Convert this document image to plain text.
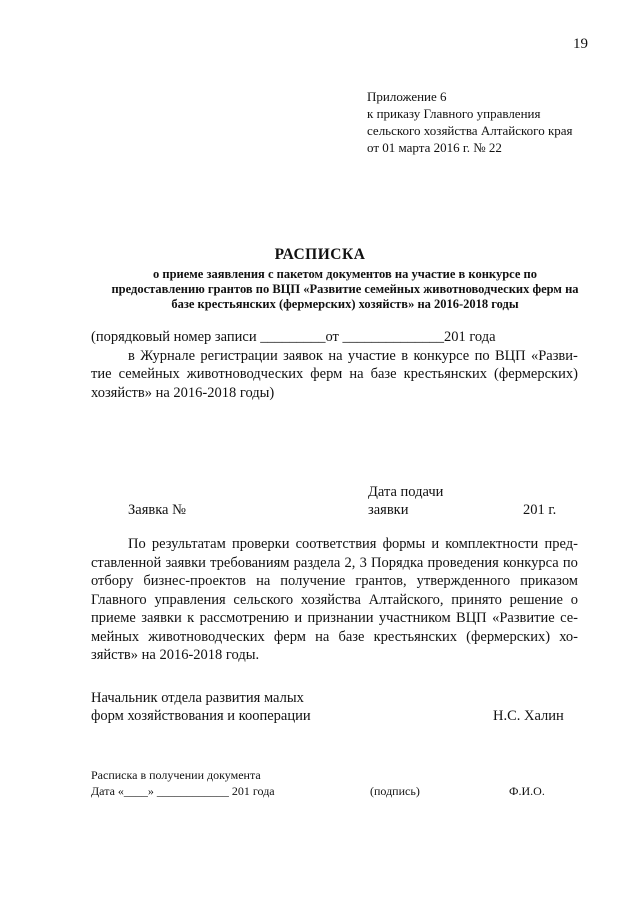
19
Приложение 6
к приказу Главного управления
сельского хозяйства Алтайского края
от 01 марта 2016 г. № 22
РАСПИСКА
о приеме заявления с пакетом документов на участие в конкурсе по
предоставлению грантов по ВЦП «Развитие семейных животноводческих ферм на
базе крестьянских (фермерских) хозяйств» на 2016-2018 годы
(порядковый номер записи _________от ______________201 года
в Журнале регистрации заявок на участие в конкурсе по ВЦП «Разви-
тие семейных животноводческих ферм на базе крестьянских (фермерских)
хозяйств» на 2016-2018 годы)
Дата подачи
Заявка №	заявки	201 г.
По результатам проверки соответствия формы и комплектности пред-
ставленной заявки требованиям раздела 2, 3 Порядка проведения конкурса по
отбору бизнес-проектов на получение грантов, утвержденного приказом
Главного управления сельского хозяйства Алтайского, принято решение о
приеме заявки к рассмотрению и признании участником ВЦП «Развитие се-
мейных животноводческих ферм на базе крестьянских (фермерских) хо-
зяйств» на 2016-2018 годы.
Начальник отдела развития малых
форм хозяйствования и кооперации	Н.С. Халин
Расписка в получении документа
Дата «____» ____________ 201 года	(подпись)	Ф.И.О.
